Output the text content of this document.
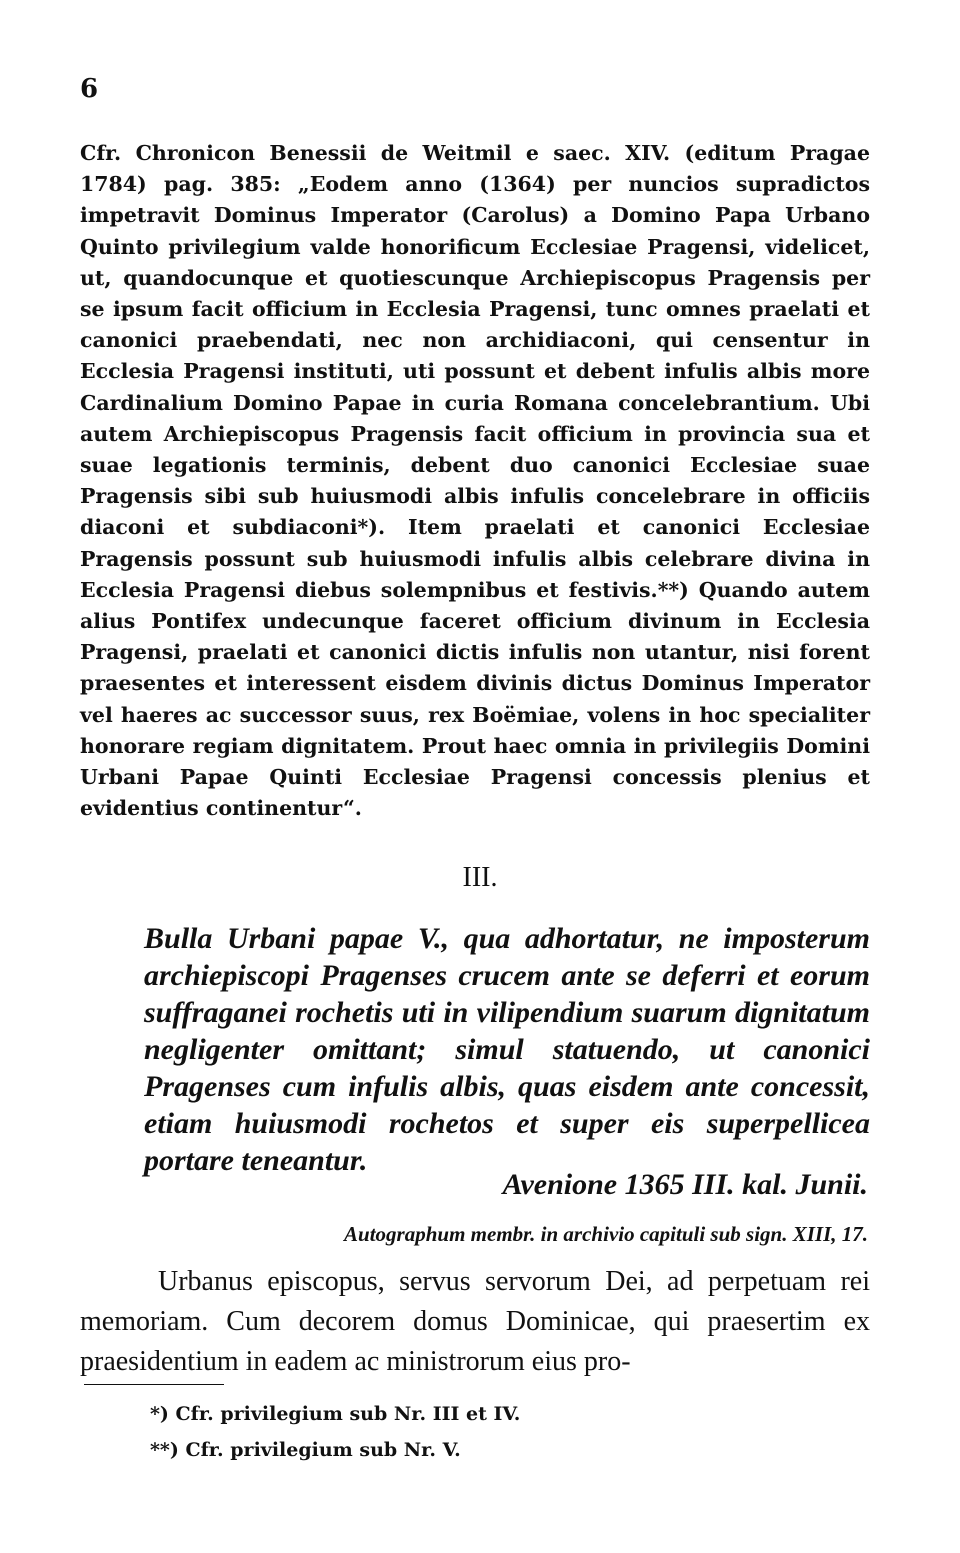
6

Cfr. Chronicon Benessii de Weitmil e saec. XIV. (editum Pragae 1784) pag. 385: „Eodem anno (1364) per nuncios supradictos impetravit Dominus Imperator (Carolus) a Domino Papa Urbano Quinto privilegium valde honorificum Ecclesiae Pragensi, videlicet, ut, quandocunque et quotiescunque Archiepiscopus Pragensis per se ipsum facit officium in Ecclesia Pragensi, tunc omnes praelati et canonici praebendati, nec non archidiaconi, qui censentur in Ecclesia Pragensi instituti, uti possunt et debent infulis albis more Cardinalium Domino Papae in curia Romana concelebrantium. Ubi autem Archiepiscopus Pragensis facit officium in provincia sua et suae legationis terminis, debent duo canonici Ecclesiae suae Pragensis sibi sub huiusmodi albis infulis concelebrare in officiis diaconi et subdiaconi*). Item praelati et canonici Ecclesiae Pragensis possunt sub huiusmodi infulis albis celebrare divina in Ecclesia Pragensi diebus solempnibus et festivis.**) Quando autem alius Pontifex undecunque faceret officium divinum in Ecclesia Pragensi, praelati et canonici dictis infulis non utantur, nisi forent praesentes et interessent eisdem divinis dictus Dominus Imperator vel haeres ac successor suus, rex Boëmiae, volens in hoc specialiter honorare regiam dignitatem. Prout haec omnia in privilegiis Domini Urbani Papae Quinti Ecclesiae Pragensi concessis plenius et evidentius continentur“.

III.

Bulla Urbani papae V., qua adhortatur, ne imposterum archiepiscopi Pragenses crucem ante se deferri et eorum suffraganei rochetis uti in vilipendium suarum dignitatum negligenter omittant; simul statuendo, ut canonici Pragenses cum infulis albis, quas eisdem ante concessit, etiam huiusmodi rochetos et super eis superpellicea portare teneantur.

Avenione 1365 III. kal. Junii.
Autographum membr. in archivio capituli sub sign. XIII, 17.

Urbanus episcopus, servus servorum Dei, ad perpetuam rei memoriam. Cum decorem domus Dominicae, qui praesertim ex praesidentium in eadem ac ministrorum eius pro-

*) Cfr. privilegium sub Nr. III et IV.
**) Cfr. privilegium sub Nr. V.
